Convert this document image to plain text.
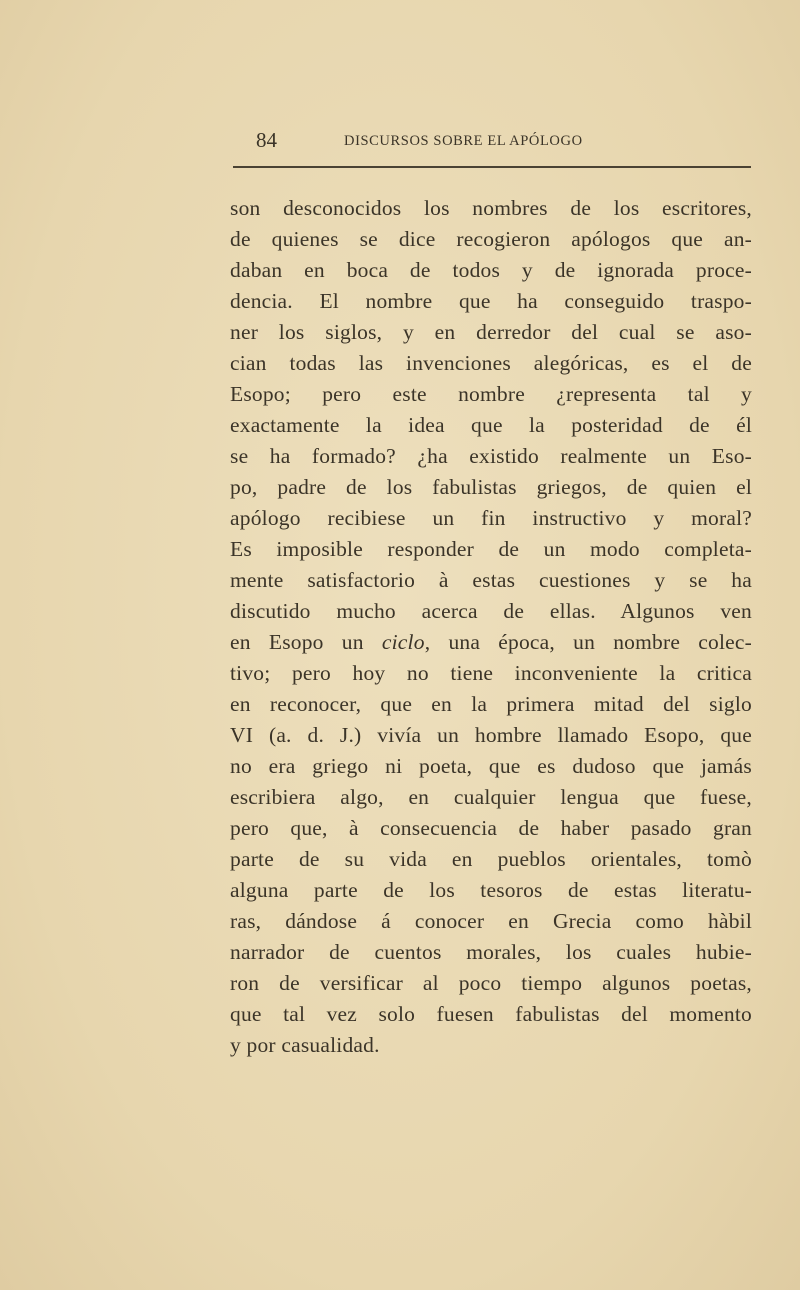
84	DISCURSOS SOBRE EL APÓLOGO
son desconocidos los nombres de los escritores,
de quienes se dice recogieron apólogos que an-
daban en boca de todos y de ignorada proce-
dencia. El nombre que ha conseguido traspo-
ner los siglos, y en derredor del cual se aso-
cian todas las invenciones alegóricas, es el de
Esopo; pero este nombre ¿representa tal y
exactamente la idea que la posteridad de él
se ha formado? ¿ha existido realmente un Eso-
po, padre de los fabulistas griegos, de quien el
apólogo recibiese un fin instructivo y moral?
Es imposible responder de un modo completa-
mente satisfactorio à estas cuestiones y se ha
discutido mucho acerca de ellas. Algunos ven
en Esopo un ciclo, una época, un nombre colec-
tivo; pero hoy no tiene inconveniente la critica
en reconocer, que en la primera mitad del siglo
VI (a. d. J.) vivía un hombre llamado Esopo, que
no era griego ni poeta, que es dudoso que jamás
escribiera algo, en cualquier lengua que fuese,
pero que, à consecuencia de haber pasado gran
parte de su vida en pueblos orientales, tomò
alguna parte de los tesoros de estas literatu-
ras, dándose á conocer en Grecia como hàbil
narrador de cuentos morales, los cuales hubie-
ron de versificar al poco tiempo algunos poetas,
que tal vez solo fuesen fabulistas del momento
y por casualidad.
